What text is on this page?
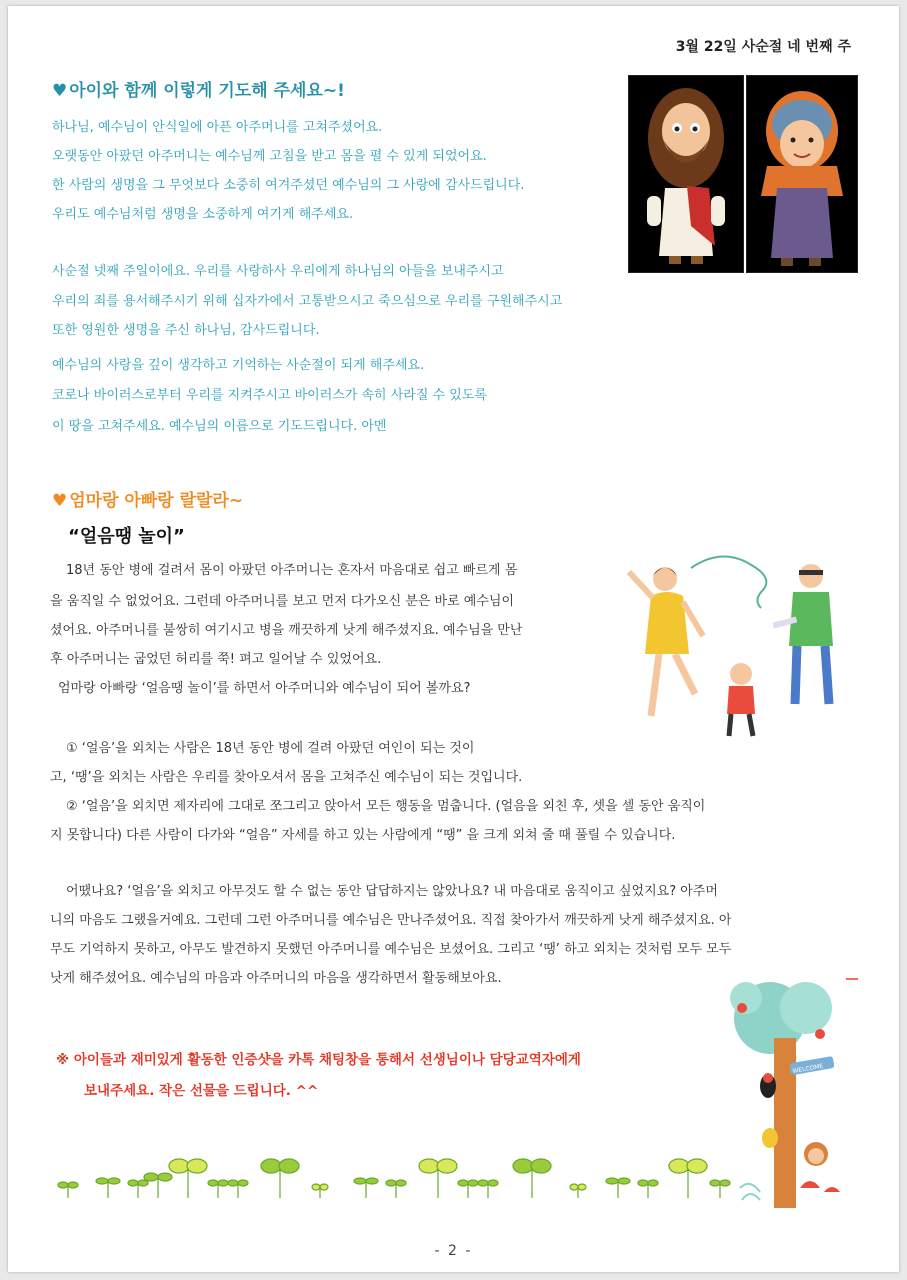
3월 22일 사순절 네 번째 주
♥ 아이와 함께 이렇게 기도해 주세요~!
하나님, 예수님이 안식일에 아픈 아주머니를 고쳐주셨어요.
오랫동안 아팠던 아주머니는 예수님께 고침을 받고 몸을 펼 수 있게 되었어요.
한 사람의 생명을 그 무엇보다 소중히 여겨주셨던 예수님의 그 사랑에 감사드립니다.
우리도 예수님처럼 생명을 소중하게 여기게 해주세요.
사순절 넷째 주일이에요. 우리를 사랑하사 우리에게 하나님의 아들을 보내주시고
우리의 죄를 용서해주시기 위해 십자가에서 고통받으시고 죽으심으로 우리를 구원해주시고
또한 영원한 생명을 주신 하나님, 감사드립니다.
예수님의 사랑을 깊이 생각하고 기억하는 사순절이 되게 해주세요.
코로나 바이러스로부터 우리를 지켜주시고 바이러스가 속히 사라질 수 있도록
이 땅을 고쳐주세요. 예수님의 이름으로 기도드립니다. 아멘
♥ 엄마랑 아빠랑 랄랄라~
“얼음땡 놀이”
18년 동안 병에 걸려서 몸이 아팠던 아주머니는 혼자서 마음대로 쉽고 빠르게 몸
을 움직일 수 없었어요. 그런데 아주머니를 보고 먼저 다가오신 분은 바로 예수님이
셨어요. 아주머니를 불쌍히 여기시고 병을 깨끗하게 낫게 해주셨지요. 예수님을 만난
후 아주머니는 굽었던 허리를 쭉! 펴고 일어날 수 있었어요.
엄마랑 아빠랑 ‘얼음땡 놀이’를 하면서 아주머니와 예수님이 되어 볼까요?
① ‘얼음’을 외치는 사람은 18년 동안 병에 걸려 아팠던 여인이 되는 것이
고, ‘땡’을 외치는 사람은 우리를 찾아오셔서 몸을 고쳐주신 예수님이 되는 것입니다.
② ‘얼음’을 외치면 제자리에 그대로 쪼그리고 앉아서 모든 행동을 멈춥니다. (얼음을 외친 후, 셋을 셀 동안 움직이
지 못합니다) 다른 사람이 다가와 “얼음” 자세를 하고 있는 사람에게 “땡” 을 크게 외쳐 줄 때 풀릴 수 있습니다.
어땠나요? ‘얼음’을 외치고 아무것도 할 수 없는 동안 답답하지는 않았나요? 내 마음대로 움직이고 싶었지요? 아주머
니의 마음도 그랬을거예요. 그런데 그런 아주머니를 예수님은 만나주셨어요. 직접 찾아가서 깨끗하게 낫게 해주셨지요. 아
무도 기억하지 못하고, 아무도 발견하지 못했던 아주머니를 예수님은 보셨어요. 그리고 ‘땡’ 하고 외치는 것처럼 모두 모두
낫게 해주셨어요. 예수님의 마음과 아주머니의 마음을 생각하면서 활동해보아요.
※ 아이들과 재미있게 활동한 인증샷을 카톡 채팅창을 통해서 선생님이나 담당교역자에게
보내주세요. 작은 선물을 드립니다. ^^
WELCOME
- 2 -
